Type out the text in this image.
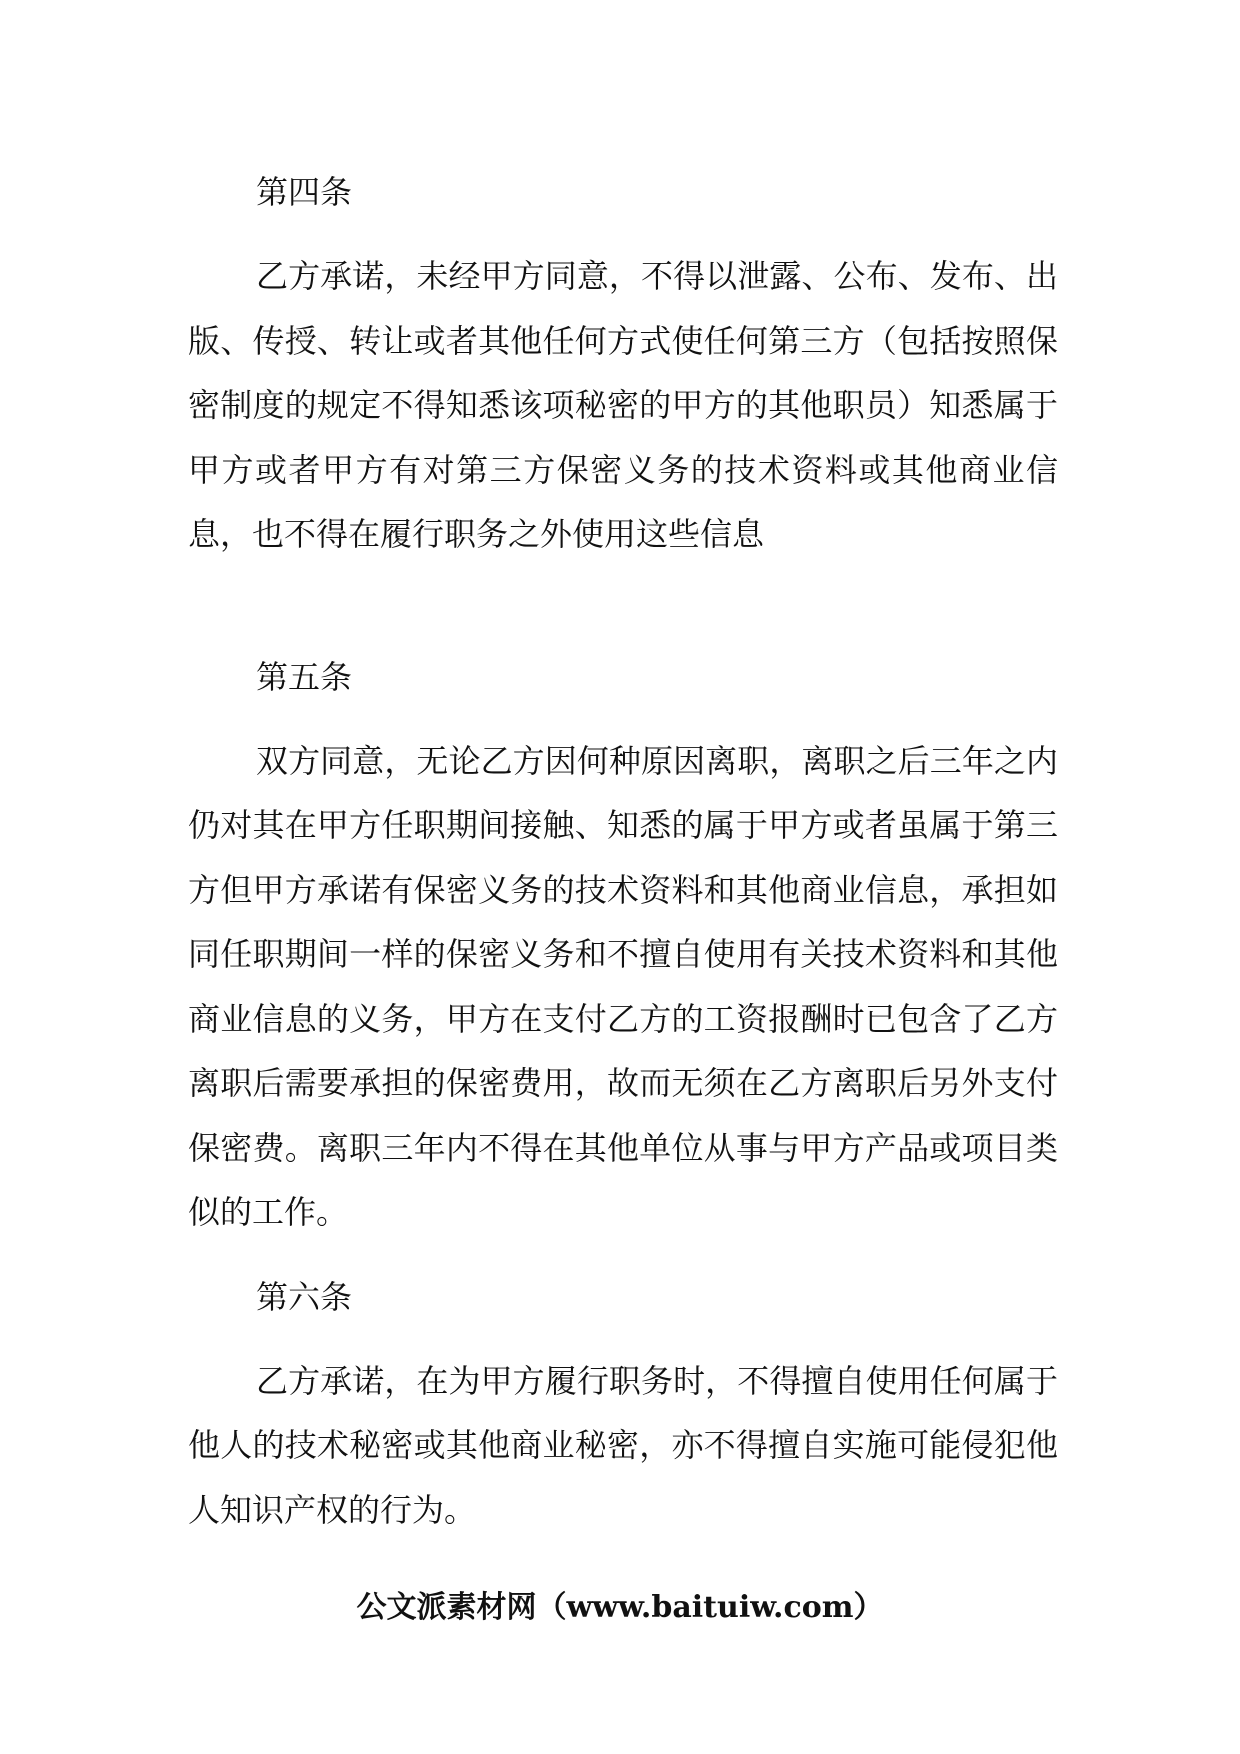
第四条

乙方承诺，未经甲方同意，不得以泄露、公布、发布、出版、传授、转让或者其他任何方式使任何第三方（包括按照保密制度的规定不得知悉该项秘密的甲方的其他职员）知悉属于甲方或者甲方有对第三方保密义务的技术资料或其他商业信息，也不得在履行职务之外使用这些信息

第五条

双方同意，无论乙方因何种原因离职，离职之后三年之内仍对其在甲方任职期间接触、知悉的属于甲方或者虽属于第三方但甲方承诺有保密义务的技术资料和其他商业信息，承担如同任职期间一样的保密义务和不擅自使用有关技术资料和其他商业信息的义务，甲方在支付乙方的工资报酬时已包含了乙方离职后需要承担的保密费用，故而无须在乙方离职后另外支付保密费。离职三年内不得在其他单位从事与甲方产品或项目类似的工作。

第六条

乙方承诺，在为甲方履行职务时，不得擅自使用任何属于他人的技术秘密或其他商业秘密，亦不得擅自实施可能侵犯他人知识产权的行为。

公文派素材网（www.baituiw.com）
